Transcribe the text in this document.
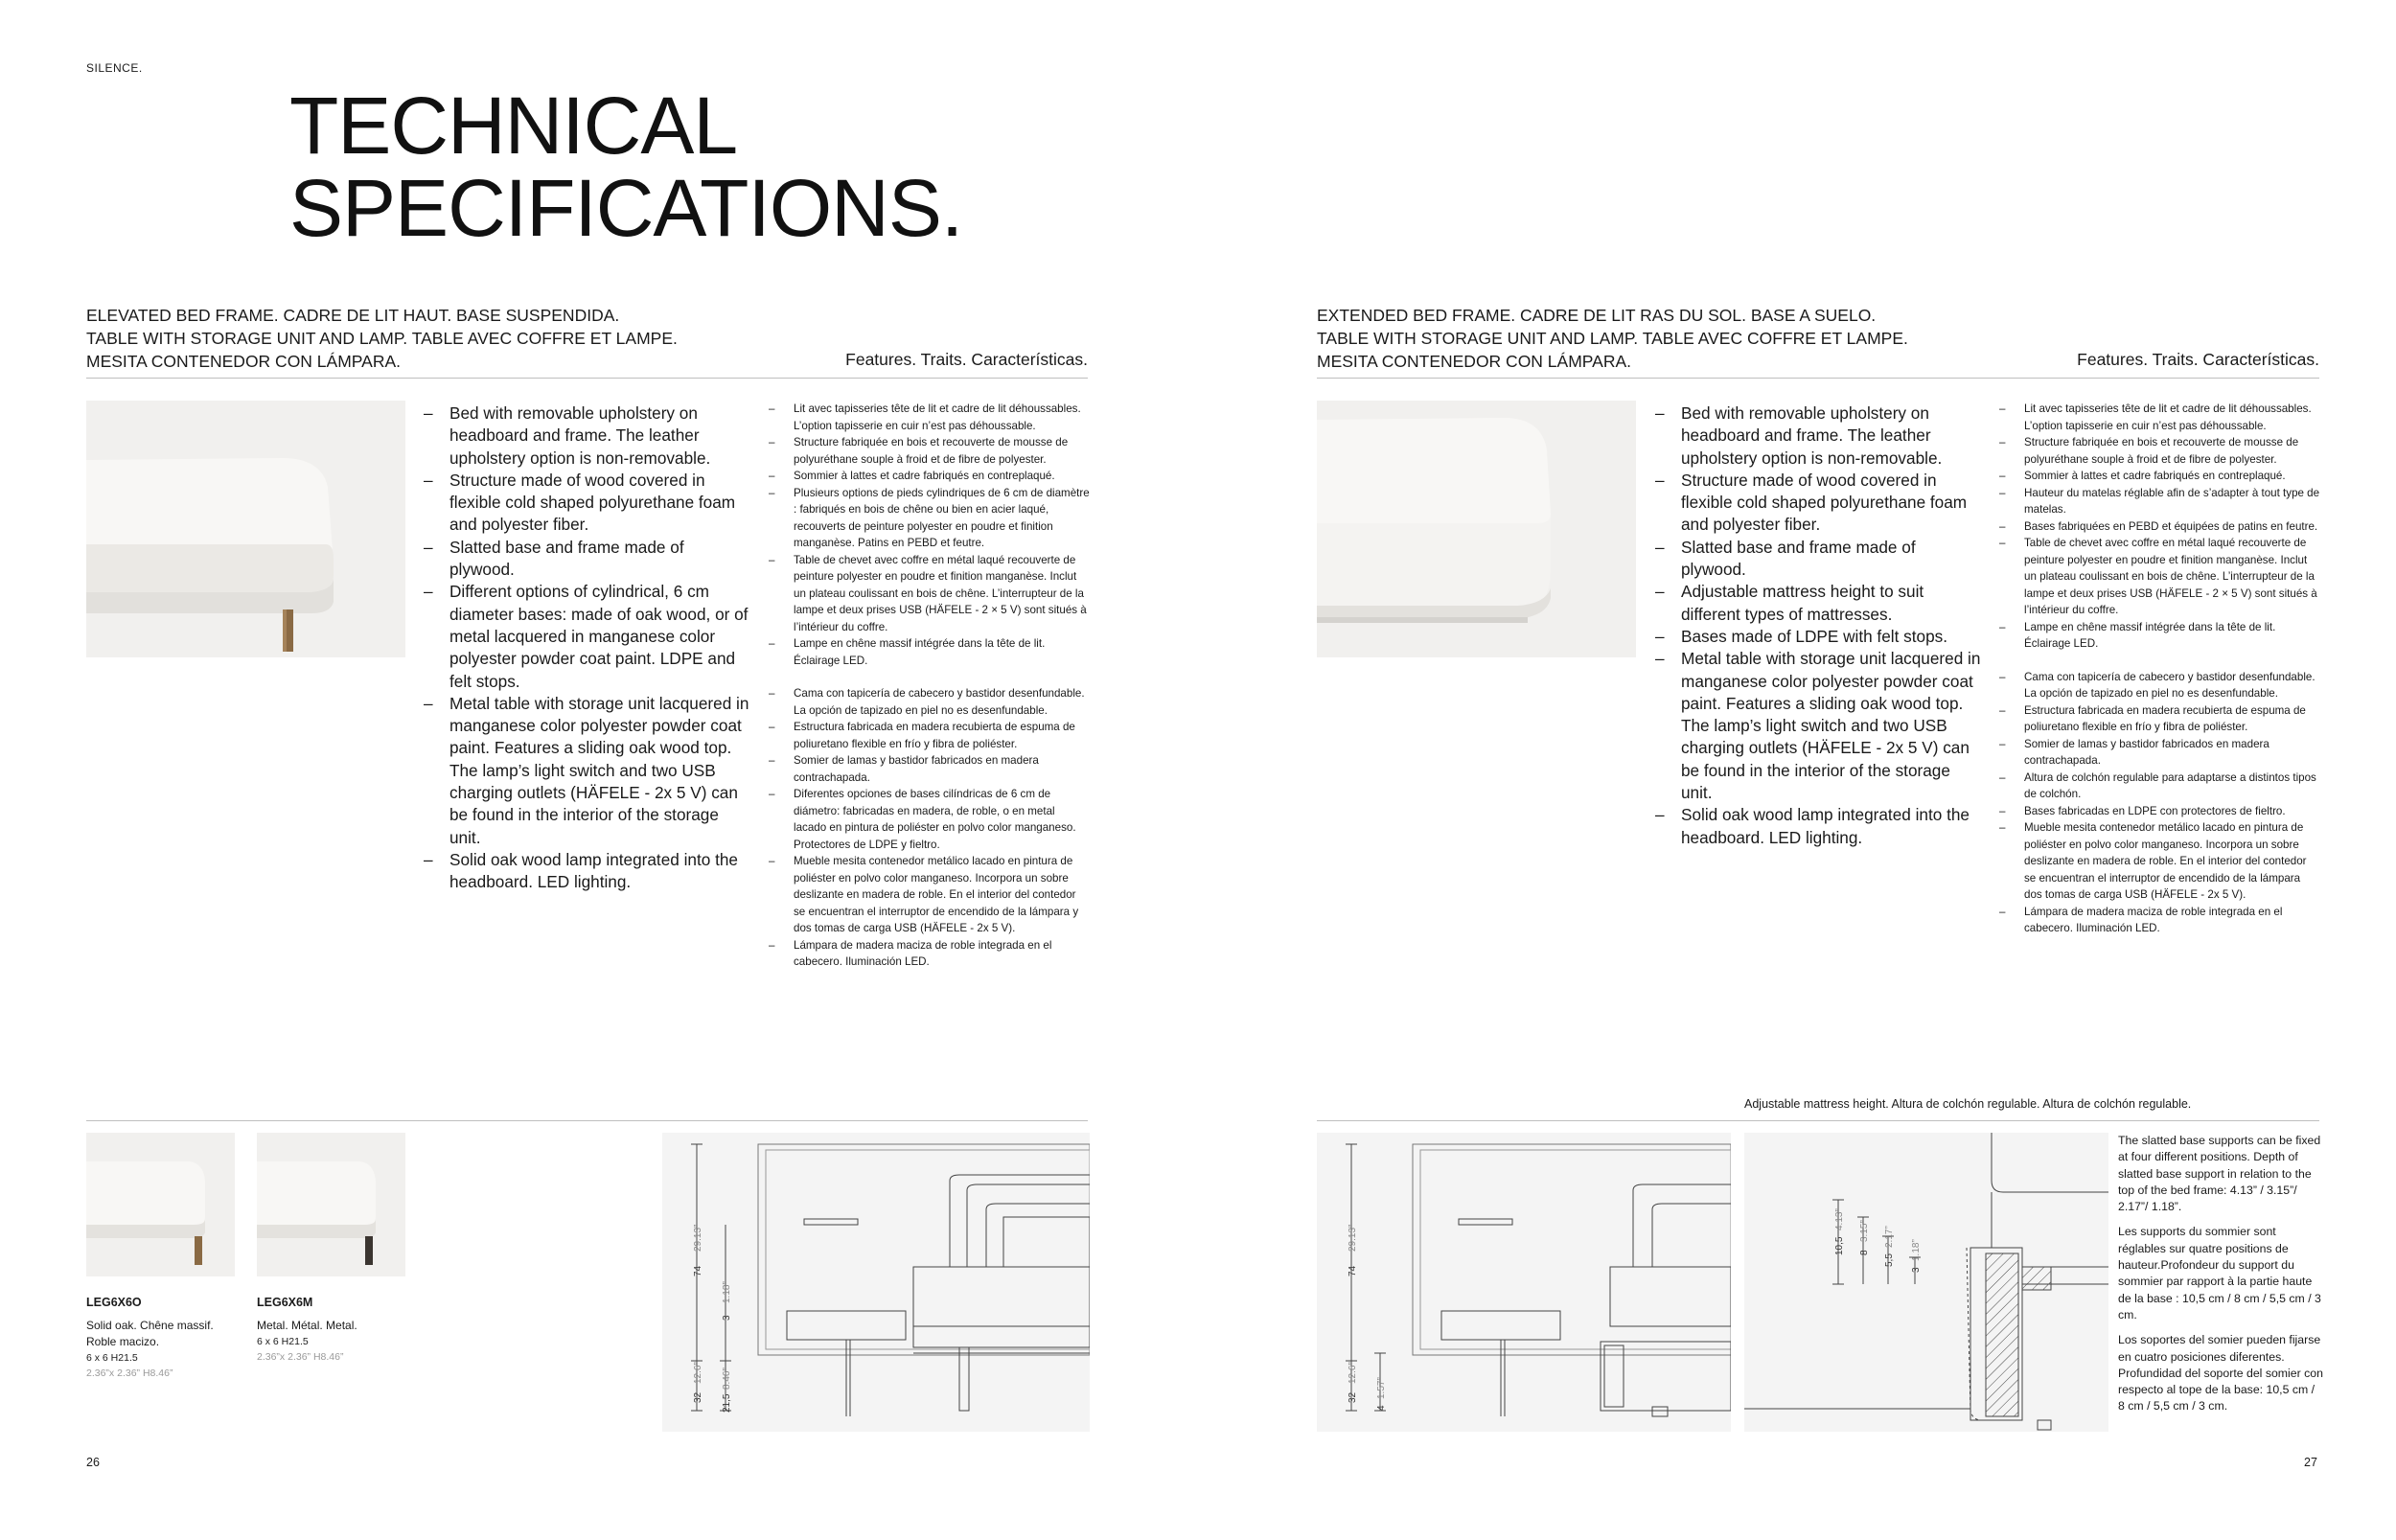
SILENCE.
TECHNICAL
SPECIFICATIONS.
ELEVATED BED FRAME. CADRE DE LIT HAUT. BASE SUSPENDIDA.
TABLE WITH STORAGE UNIT AND LAMP. TABLE AVEC COFFRE ET LAMPE.
MESITA CONTENEDOR CON LÁMPARA.	Features. Traits. Características.
– Bed with removable upholstery on headboard and frame. The leather upholstery option is non-removable.
– Structure made of wood covered in flexible cold shaped polyurethane foam and polyester fiber.
– Slatted base and frame made of plywood.
– Different options of cylindrical, 6 cm diameter bases: made of oak wood, or of metal lacquered in manganese color polyester powder coat paint. LDPE and felt stops.
– Metal table with storage unit lacquered in manganese color polyester powder coat paint. Features a sliding oak wood top. The lamp’s light switch and two USB charging outlets (HÄFELE - 2x 5 V) can be found in the interior of the storage unit.
– Solid oak wood lamp integrated into the headboard. LED lighting.
– Lit avec tapisseries tête de lit et cadre de lit déhoussables. L’option tapisserie en cuir n’est pas déhoussable.
– Structure fabriquée en bois et recouverte de mousse de polyuréthane souple à froid et de fibre de polyester.
– Sommier à lattes et cadre fabriqués en contreplaqué.
– Plusieurs options de pieds cylindriques de 6 cm de diamètre : fabriqués en bois de chêne ou bien en acier laqué, recouverts de peinture polyester en poudre et finition manganèse. Patins en PEBD et feutre.
– Table de chevet avec coffre en métal laqué recouverte de peinture polyester en poudre et finition manganèse. Inclut un plateau coulissant en bois de chêne. L’interrupteur de la lampe et deux prises USB (HÄFELE - 2 × 5 V) sont situés à l’intérieur du coffre.
– Lampe en chêne massif intégrée dans la tête de lit. Éclairage LED.
– Cama con tapicería de cabecero y bastidor desenfundable. La opción de tapizado en piel no es desenfundable.
– Estructura fabricada en madera recubierta de espuma de poliuretano flexible en frío y fibra de poliéster.
– Somier de lamas y bastidor fabricados en madera contrachapada.
– Diferentes opciones de bases cilíndricas de 6 cm de diámetro: fabricadas en madera, de roble, o en metal lacado en pintura de poliéster en polvo color manganeso. Protectores de LDPE y fieltro.
– Mueble mesita contenedor metálico lacado en pintura de poliéster en polvo color manganeso. Incorpora un sobre deslizante en madera de roble. En el interior del contedor se encuentran el interruptor de encendido de la lámpara y dos tomas de carga USB (HÄFELE - 2x 5 V).
– Lámpara de madera maciza de roble integrada en el cabecero. Iluminación LED.
LEG6X6O
Solid oak. Chêne massif.
Roble macizo.
6 x 6 H21.5
2.36”x 2.36” H8.46”
LEG6X6M
Metal. Métal. Metal.
6 x 6 H21.5
2.36”x 2.36” H8.46”
74
29.13”
3
1.18”
32
12.6”
21,5
8.46”
26
EXTENDED BED FRAME. CADRE DE LIT RAS DU SOL. BASE A SUELO.
TABLE WITH STORAGE UNIT AND LAMP. TABLE AVEC COFFRE ET LAMPE.
MESITA CONTENEDOR CON LÁMPARA.	Features. Traits. Características.
– Bed with removable upholstery on headboard and frame. The leather upholstery option is non-removable.
– Structure made of wood covered in flexible cold shaped polyurethane foam and polyester fiber.
– Slatted base and frame made of plywood.
– Adjustable mattress height to suit different types of mattresses.
– Bases made of LDPE with felt stops.
– Metal table with storage unit lacquered in manganese color polyester powder coat paint. Features a sliding oak wood top. The lamp’s light switch and two USB charging outlets (HÄFELE - 2x 5 V) can be found in the interior of the storage unit.
– Solid oak wood lamp integrated into the headboard. LED lighting.
– Lit avec tapisseries tête de lit et cadre de lit déhoussables. L’option tapisserie en cuir n’est pas déhoussable.
– Structure fabriquée en bois et recouverte de mousse de polyuréthane souple à froid et de fibre de polyester.
– Sommier à lattes et cadre fabriqués en contreplaqué.
– Hauteur du matelas réglable afin de s’adapter à tout type de matelas.
– Bases fabriquées en PEBD et équipées de patins en feutre.
– Table de chevet avec coffre en métal laqué recouverte de peinture polyester en poudre et finition manganèse. Inclut un plateau coulissant en bois de chêne. L’interrupteur de la lampe et deux prises USB (HÄFELE - 2 × 5 V) sont situés à l’intérieur du coffre.
– Lampe en chêne massif intégrée dans la tête de lit. Éclairage LED.
– Cama con tapicería de cabecero y bastidor desenfundable. La opción de tapizado en piel no es desenfundable.
– Estructura fabricada en madera recubierta de espuma de poliuretano flexible en frío y fibra de poliéster.
– Somier de lamas y bastidor fabricados en madera contrachapada.
– Altura de colchón regulable para adaptarse a distintos tipos de colchón.
– Bases fabricadas en LDPE con protectores de fieltro.
– Mueble mesita contenedor metálico lacado en pintura de poliéster en polvo color manganeso. Incorpora un sobre deslizante en madera de roble. En el interior del contedor se encuentran el interruptor de encendido de la lámpara dos tomas de carga USB (HÄFELE - 2x 5 V).
– Lámpara de madera maciza de roble integrada en el cabecero. Iluminación LED.
Adjustable mattress height. Altura de colchón regulable. Altura de colchón regulable.
74
29.13”
32
12.6”
4
1.57”
10,5
4.13”
8
3.15”
5,5
2.17”
3
1.18”

The slatted base supports can be fixed at four different positions. Depth of slatted base support in relation to the top of the bed frame: 4.13” / 3.15”/ 2.17”/ 1.18”.

Les supports du sommier sont réglables sur quatre positions de hauteur.Profondeur du support du sommier par rapport à la partie haute de la base : 10,5 cm / 8 cm / 5,5 cm / 3 cm.

Los soportes del somier pueden fijarse en cuatro posiciones diferentes. Profundidad del soporte del somier con respecto al tope de la base: 10,5 cm / 8 cm / 5,5 cm / 3 cm.

27
